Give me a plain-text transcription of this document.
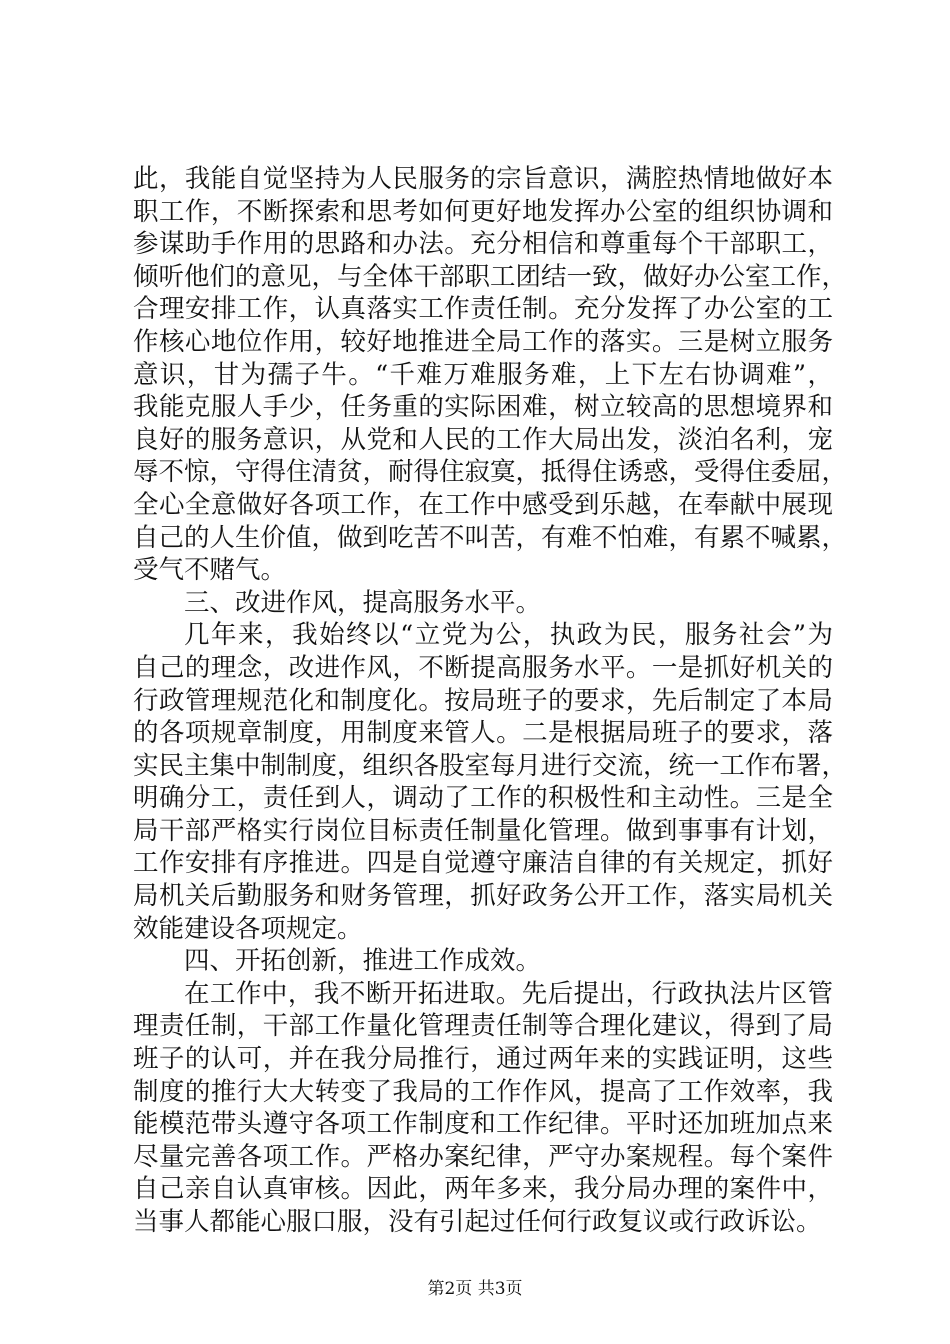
此，我能自觉坚持为人民服务的宗旨意识，满腔热情地做好本
职工作，不断探索和思考如何更好地发挥办公室的组织协调和
参谋助手作用的思路和办法。充分相信和尊重每个干部职工，
倾听他们的意见，与全体干部职工团结一致，做好办公室工作，
合理安排工作，认真落实工作责任制。充分发挥了办公室的工
作核心地位作用，较好地推进全局工作的落实。三是树立服务
意识，甘为孺子牛。“千难万难服务难，上下左右协调难”，
我能克服人手少，任务重的实际困难，树立较高的思想境界和
良好的服务意识，从党和人民的工作大局出发，淡泊名利，宠
辱不惊，守得住清贫，耐得住寂寞，抵得住诱惑，受得住委屈，
全心全意做好各项工作，在工作中感受到乐越，在奉献中展现
自己的人生价值，做到吃苦不叫苦，有难不怕难，有累不喊累，
受气不赌气。
三、改进作风，提高服务水平。
几年来，我始终以“立党为公，执政为民，服务社会”为
自己的理念，改进作风，不断提高服务水平。一是抓好机关的
行政管理规范化和制度化。按局班子的要求，先后制定了本局
的各项规章制度，用制度来管人。二是根据局班子的要求，落
实民主集中制制度，组织各股室每月进行交流，统一工作布署，
明确分工，责任到人，调动了工作的积极性和主动性。三是全
局干部严格实行岗位目标责任制量化管理。做到事事有计划，
工作安排有序推进。四是自觉遵守廉洁自律的有关规定，抓好
局机关后勤服务和财务管理，抓好政务公开工作，落实局机关
效能建设各项规定。
四、开拓创新，推进工作成效。
在工作中，我不断开拓进取。先后提出，行政执法片区管
理责任制，干部工作量化管理责任制等合理化建议，得到了局
班子的认可，并在我分局推行，通过两年来的实践证明，这些
制度的推行大大转变了我局的工作作风，提高了工作效率，我
能模范带头遵守各项工作制度和工作纪律。平时还加班加点来
尽量完善各项工作。严格办案纪律，严守办案规程。每个案件
自己亲自认真审核。因此，两年多来，我分局办理的案件中，
当事人都能心服口服，没有引起过任何行政复议或行政诉讼。
第2页 共3页
